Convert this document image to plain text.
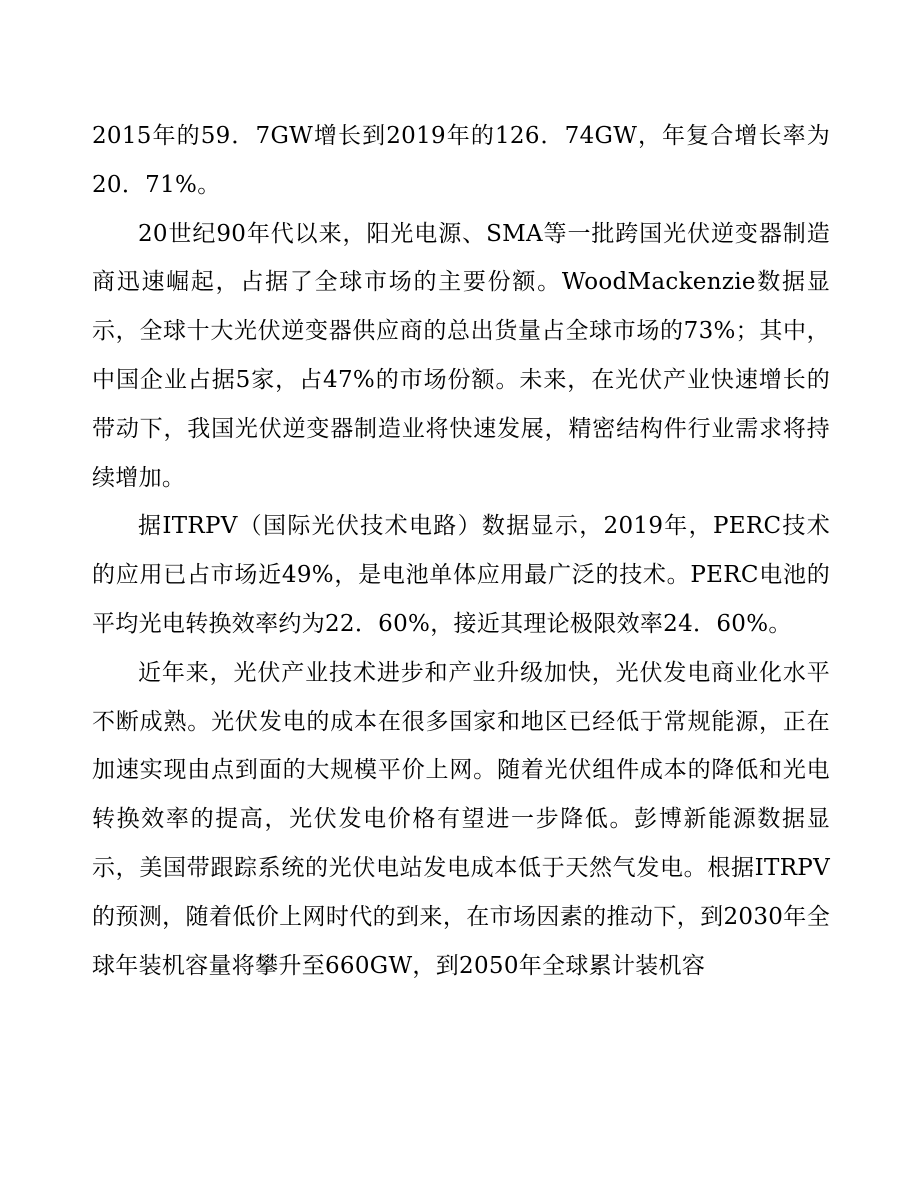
2015年的59．7GW增长到2019年的126．74GW，年复合增长率为20．71%。

20世纪90年代以来，阳光电源、SMA等一批跨国光伏逆变器制造商迅速崛起，占据了全球市场的主要份额。WoodMackenzie数据显示，全球十大光伏逆变器供应商的总出货量占全球市场的73%；其中，中国企业占据5家，占47%的市场份额。未来，在光伏产业快速增长的带动下，我国光伏逆变器制造业将快速发展，精密结构件行业需求将持续增加。

据ITRPV（国际光伏技术电路）数据显示，2019年，PERC技术的应用已占市场近49%，是电池单体应用最广泛的技术。PERC电池的平均光电转换效率约为22．60%，接近其理论极限效率24．60%。

近年来，光伏产业技术进步和产业升级加快，光伏发电商业化水平不断成熟。光伏发电的成本在很多国家和地区已经低于常规能源，正在加速实现由点到面的大规模平价上网。随着光伏组件成本的降低和光电转换效率的提高，光伏发电价格有望进一步降低。彭博新能源数据显示，美国带跟踪系统的光伏电站发电成本低于天然气发电。根据ITRPV的预测，随着低价上网时代的到来，在市场因素的推动下，到2030年全球年装机容量将攀升至660GW，到2050年全球累计装机容
